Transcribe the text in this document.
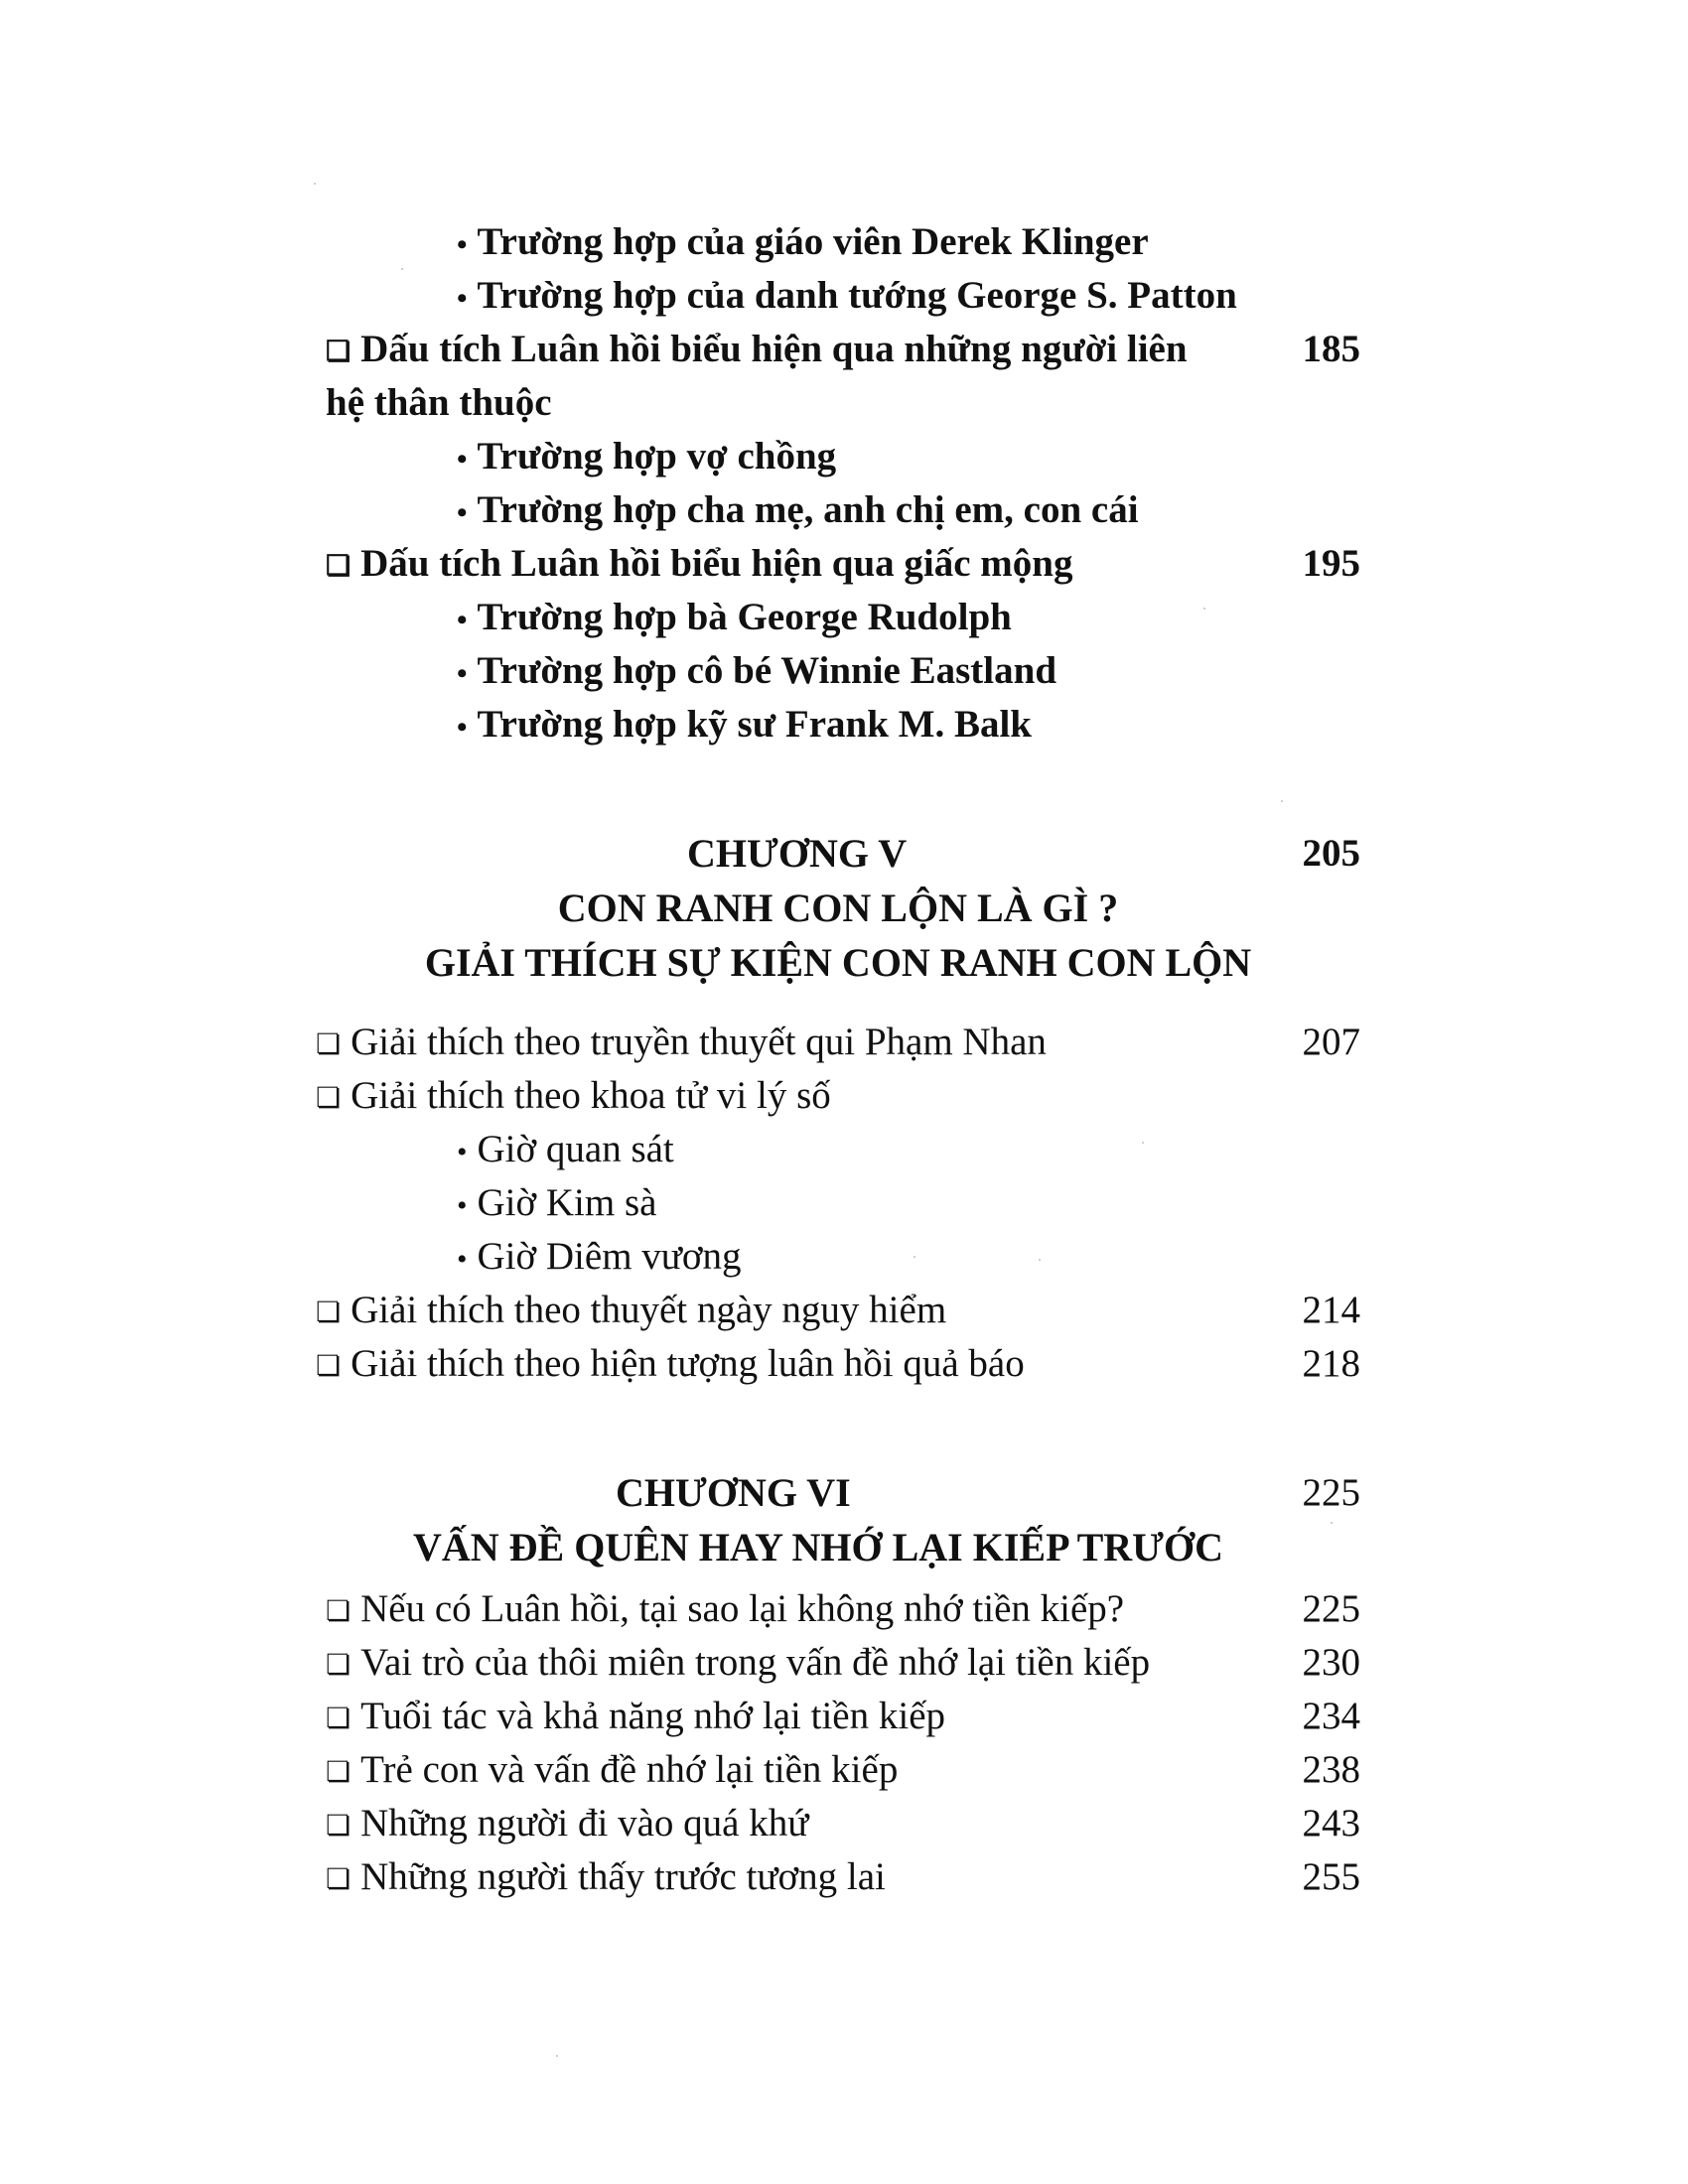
• Trường hợp của giáo viên Derek Klinger
• Trường hợp của danh tướng George S. Patton
❏ Dấu tích Luân hồi biểu hiện qua những người liên	185
hệ thân thuộc
• Trường hợp vợ chồng
• Trường hợp cha mẹ, anh chị em, con cái
❏ Dấu tích Luân hồi biểu hiện qua giấc mộng	195
• Trường hợp bà George Rudolph
• Trường hợp cô bé Winnie Eastland
• Trường hợp kỹ sư Frank M. Balk
CHƯƠNG V	205
CON RANH CON LỘN LÀ GÌ ?
GIẢI THÍCH SỰ KIỆN CON RANH CON LỘN
❏ Giải thích theo truyền thuyết qui Phạm Nhan	207
❏ Giải thích theo khoa tử vi lý số
• Giờ quan sát
• Giờ Kim sà
• Giờ Diêm vương
❏ Giải thích theo thuyết ngày nguy hiểm	214
❏ Giải thích theo hiện tượng luân hồi quả báo	218
CHƯƠNG VI	225
VẤN ĐỀ QUÊN HAY NHỚ LẠI KIẾP TRƯỚC
❏ Nếu có Luân hồi, tại sao lại không nhớ tiền kiếp?	225
❏ Vai trò của thôi miên trong vấn đề nhớ lại tiền kiếp	230
❏ Tuổi tác và khả năng nhớ lại tiền kiếp	234
❏ Trẻ con và vấn đề nhớ lại tiền kiếp	238
❏ Những người đi vào quá khứ	243
❏ Những người thấy trước tương lai	255
